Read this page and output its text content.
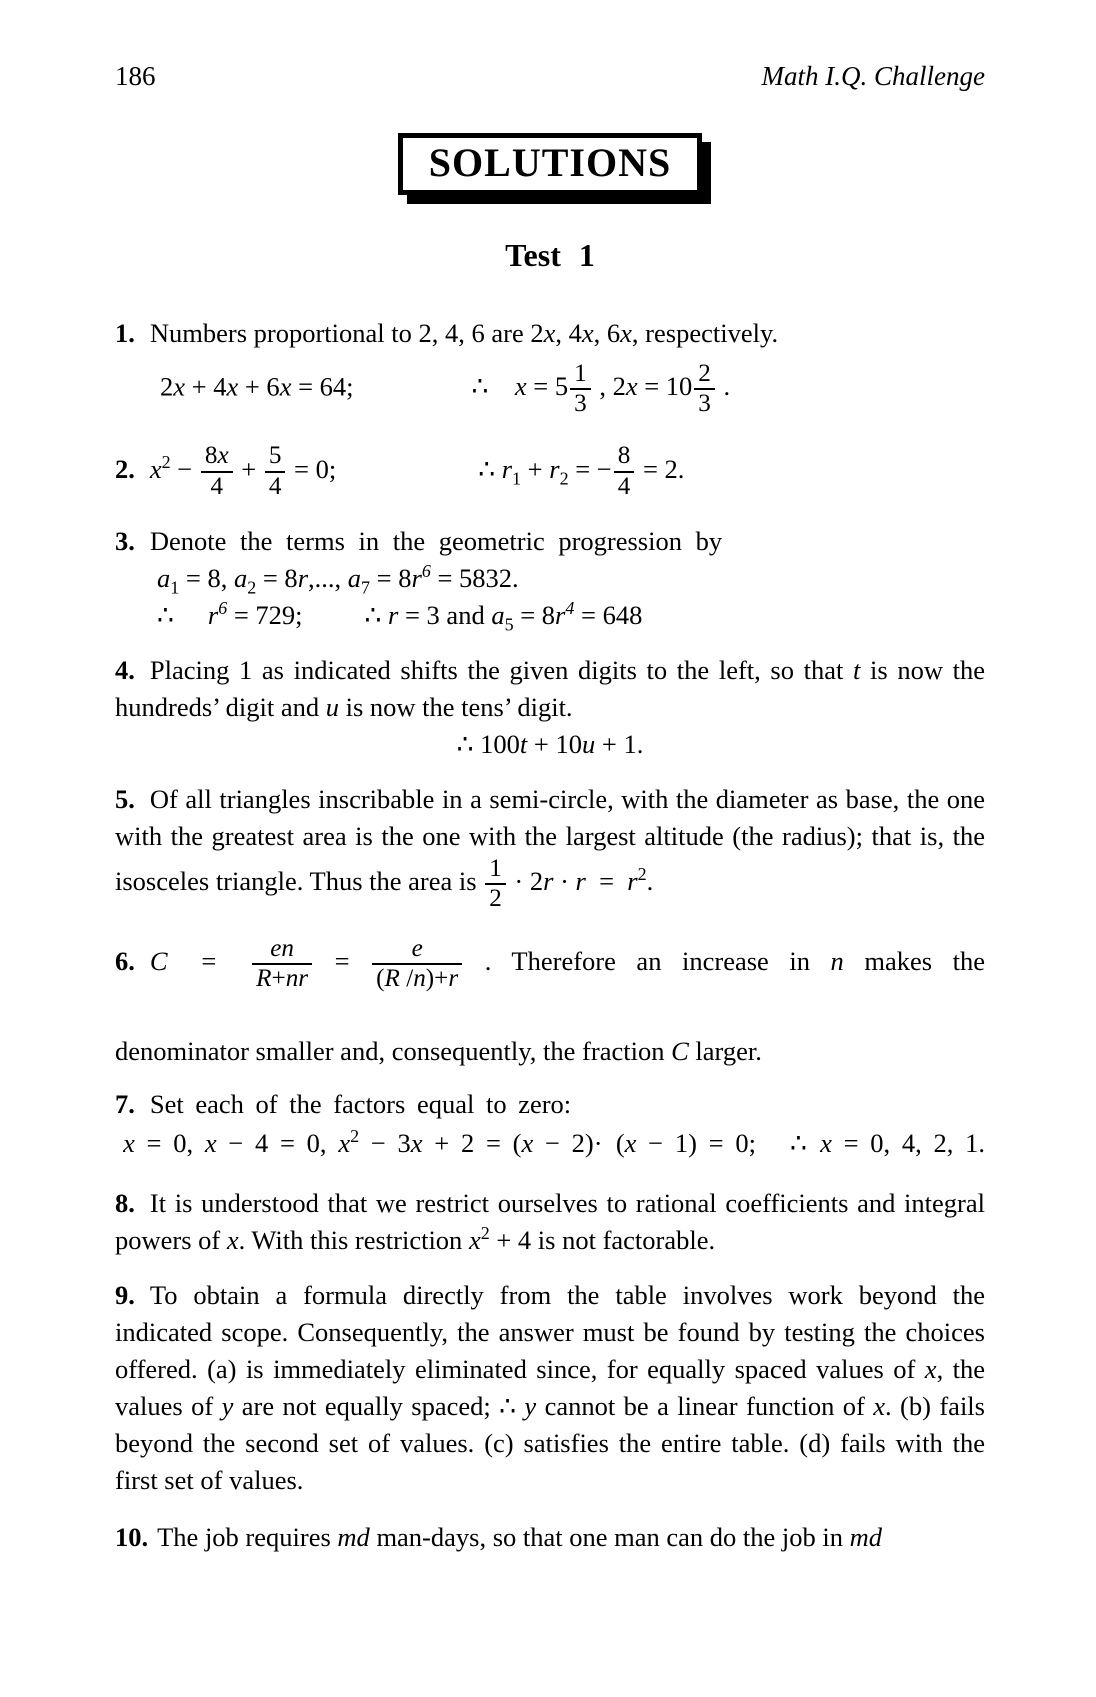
186	Math I.Q. Challenge
SOLUTIONS
Test 1
1. Numbers proportional to 2, 4, 6 are 2x, 4x, 6x, respectively.
2x + 4x + 6x = 64;	∴ $x = 5 \frac{1}{3}$ , $2x = 10 \frac{2}{3}$ .
2. $x^2 - \frac{8x}{4} + \frac{5}{4} = 0$;	∴ $r_1 + r_2$ = − $\frac{8}{4} = 2$.
3. Denote the terms in the geometric progression by
$a_1 = 8$, $a_2 = 8r$,..., $a_7 = 8r^6 = 5832$.
∴ $r^6 = 729$; ∴ r = 3 and $a_5 = 8r^4 = 648$

4. Placing 1 as indicated shifts the given digits to the left, so that t is now the hundreds’ digit and u is now the tens’ digit.

∴ 100t + 10u + 1.

5. Of all triangles inscribable in a semi-circle, with the diameter as base, the one with the greatest area is the one with the largest altitude (the radius); that is, the isosceles triangle. Thus the area is $\frac{1}{2} \cdot 2r \cdot r$ = $r^2$.

6. C  =   $\frac{en}{R+nr} = \frac{e}{(R /n)+r}$ . Therefore an increase in n makes the
denominator smaller and, consequently, the fraction C larger.
7. Set each of the factors equal to zero:
x = 0, x − 4 = 0, $x^2 - 3x + 2 = (x - 2)\cdot$ (x − 1) = 0; ∴ x = 0, 4, 2, 1.

8. It is understood that we restrict ourselves to rational coefficients and integral powers of x. With this restriction $x^2 + 4$ is not factorable.

9. To obtain a formula directly from the table involves work beyond the indicated scope. Consequently, the answer must be found by testing the choices offered. (a) is immediately eliminated since, for equally spaced values of x, the values of y are not equally spaced; ∴ y cannot be a linear function of x. (b) fails beyond the second set of values. (c) satisfies the entire table. (d) fails with the first set of values.

10. The job requires md man-days, so that one man can do the job in md
